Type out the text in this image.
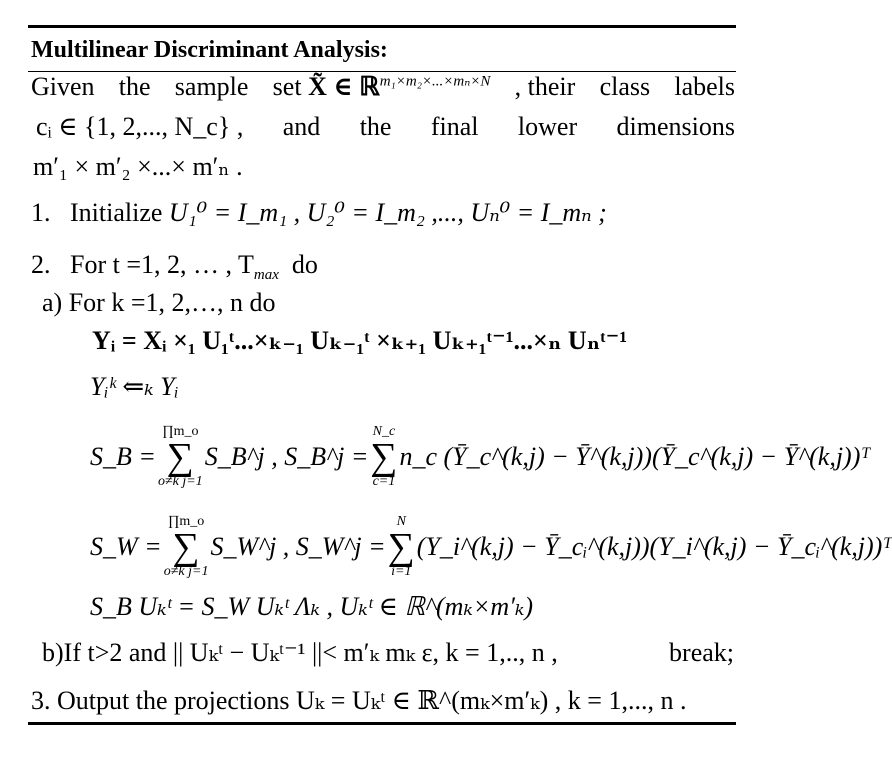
Multilinear Discriminant Analysis:
Given the sample set X̃ ∈ ℝ$^{m_1\times m_2\times...\times m_n\times N}$ , their class labels
cᵢ ∈ {1, 2,..., N_c} , and the final lower dimensions
m′₁ × m′₂ ×...× m′ₙ .
1. Initialize U₁⁰ = I_m₁ , U₂⁰ = I_m₂ ,..., Uₙ⁰ = I_mₙ ;
2. For t =1, 2, … , $T_{max}$ do
a) For k =1, 2,…, n do
Yᵢ = Xᵢ ×₁ U₁ᵗ...×ₖ₋₁ Uₖ₋₁ᵗ ×ₖ₊₁ Uₖ₊₁ᵗ⁻¹...×ₙ Uₙᵗ⁻¹
Yᵢᵏ ⇐ₖ Yᵢ
S_B =
∏m_o
∑
o≠k j=1
S_B^j , S_B^j =
N_c
∑
c=1
n_c (Ȳ_c^(k,j) − Ȳ^(k,j))(Ȳ_c^(k,j) − Ȳ^(k,j))ᵀ
S_W =
∏m_o
∑
o≠k j=1
S_W^j , S_W^j =
N
∑
i=1
(Y_i^(k,j) − Ȳ_cᵢ^(k,j))(Y_i^(k,j) − Ȳ_cᵢ^(k,j))ᵀ
S_B Uₖᵗ = S_W Uₖᵗ Λₖ , Uₖᵗ ∈ ℝ^(mₖ×m′ₖ)
b)If t>2 and || Uₖᵗ − Uₖᵗ⁻¹ ||< m′ₖ mₖ ε, k = 1,.., n ,	break;
3. Output the projections Uₖ = Uₖᵗ ∈ ℝ^(mₖ×m′ₖ) , k = 1,..., n .
